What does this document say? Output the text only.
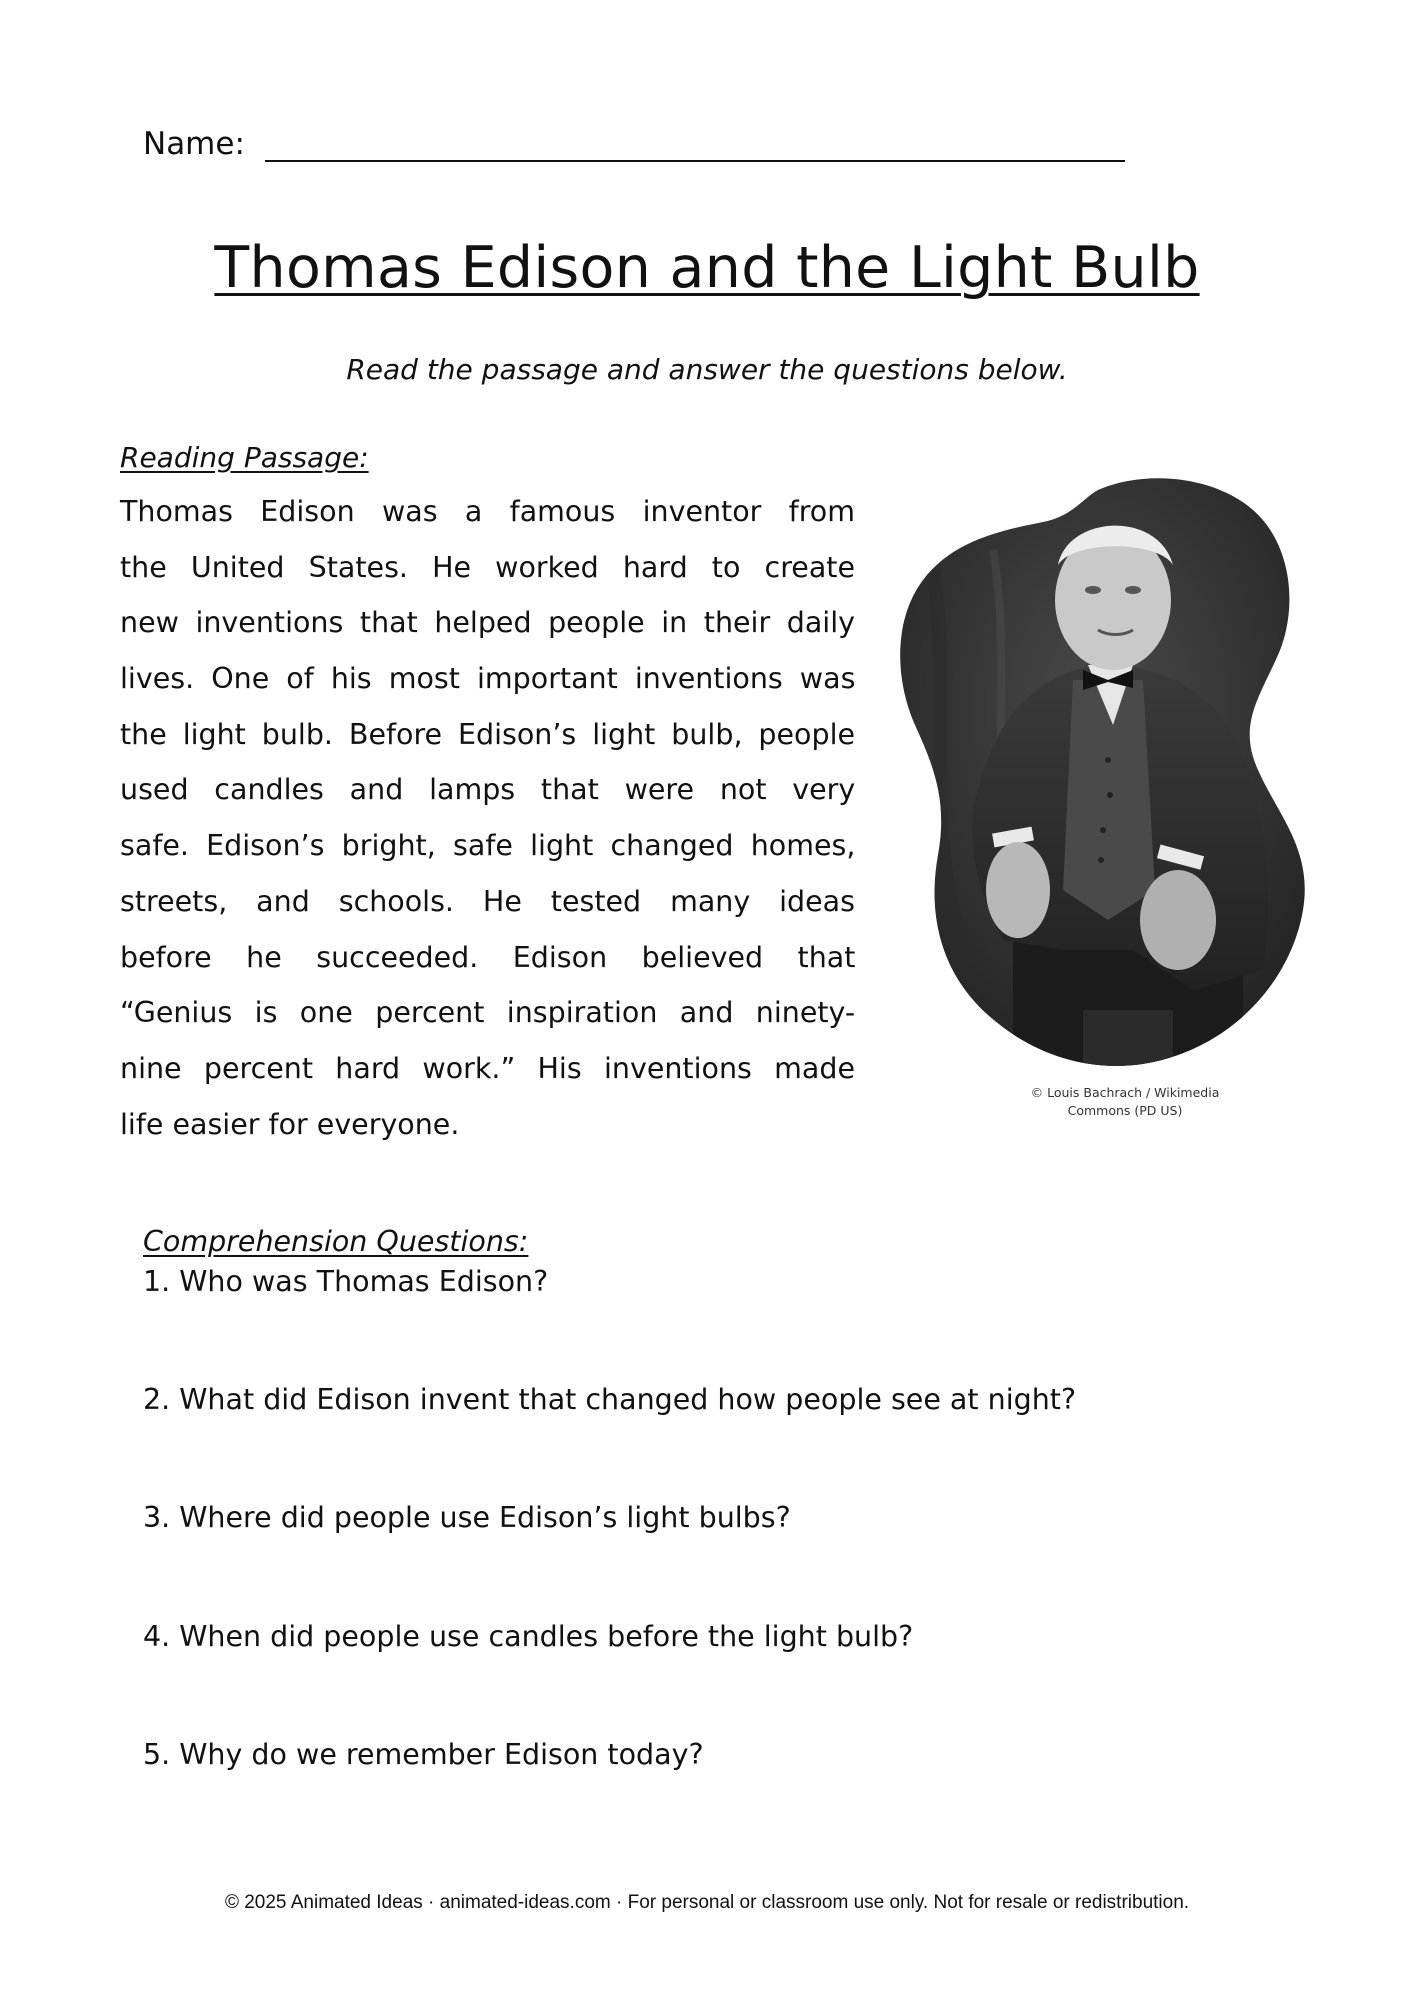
Name:
Thomas Edison and the Light Bulb
Read the passage and answer the questions below.
Reading Passage:
Thomas Edison was a famous inventor from
the United States. He worked hard to create
new inventions that helped people in their daily
lives. One of his most important inventions was
the light bulb. Before Edison’s light bulb, people
used candles and lamps that were not very
safe. Edison’s bright, safe light changed homes,
streets, and schools. He tested many ideas
before he succeeded. Edison believed that
“Genius is one percent inspiration and ninety-
nine percent hard work.” His inventions made
life easier for everyone.
© Louis Bachrach / Wikimedia
Commons (PD US)
Comprehension Questions:
1. Who was Thomas Edison?
2. What did Edison invent that changed how people see at night?
3. Where did people use Edison’s light bulbs?
4. When did people use candles before the light bulb?
5. Why do we remember Edison today?
© 2025 Animated Ideas · animated-ideas.com · For personal or classroom use only. Not for resale or redistribution.
